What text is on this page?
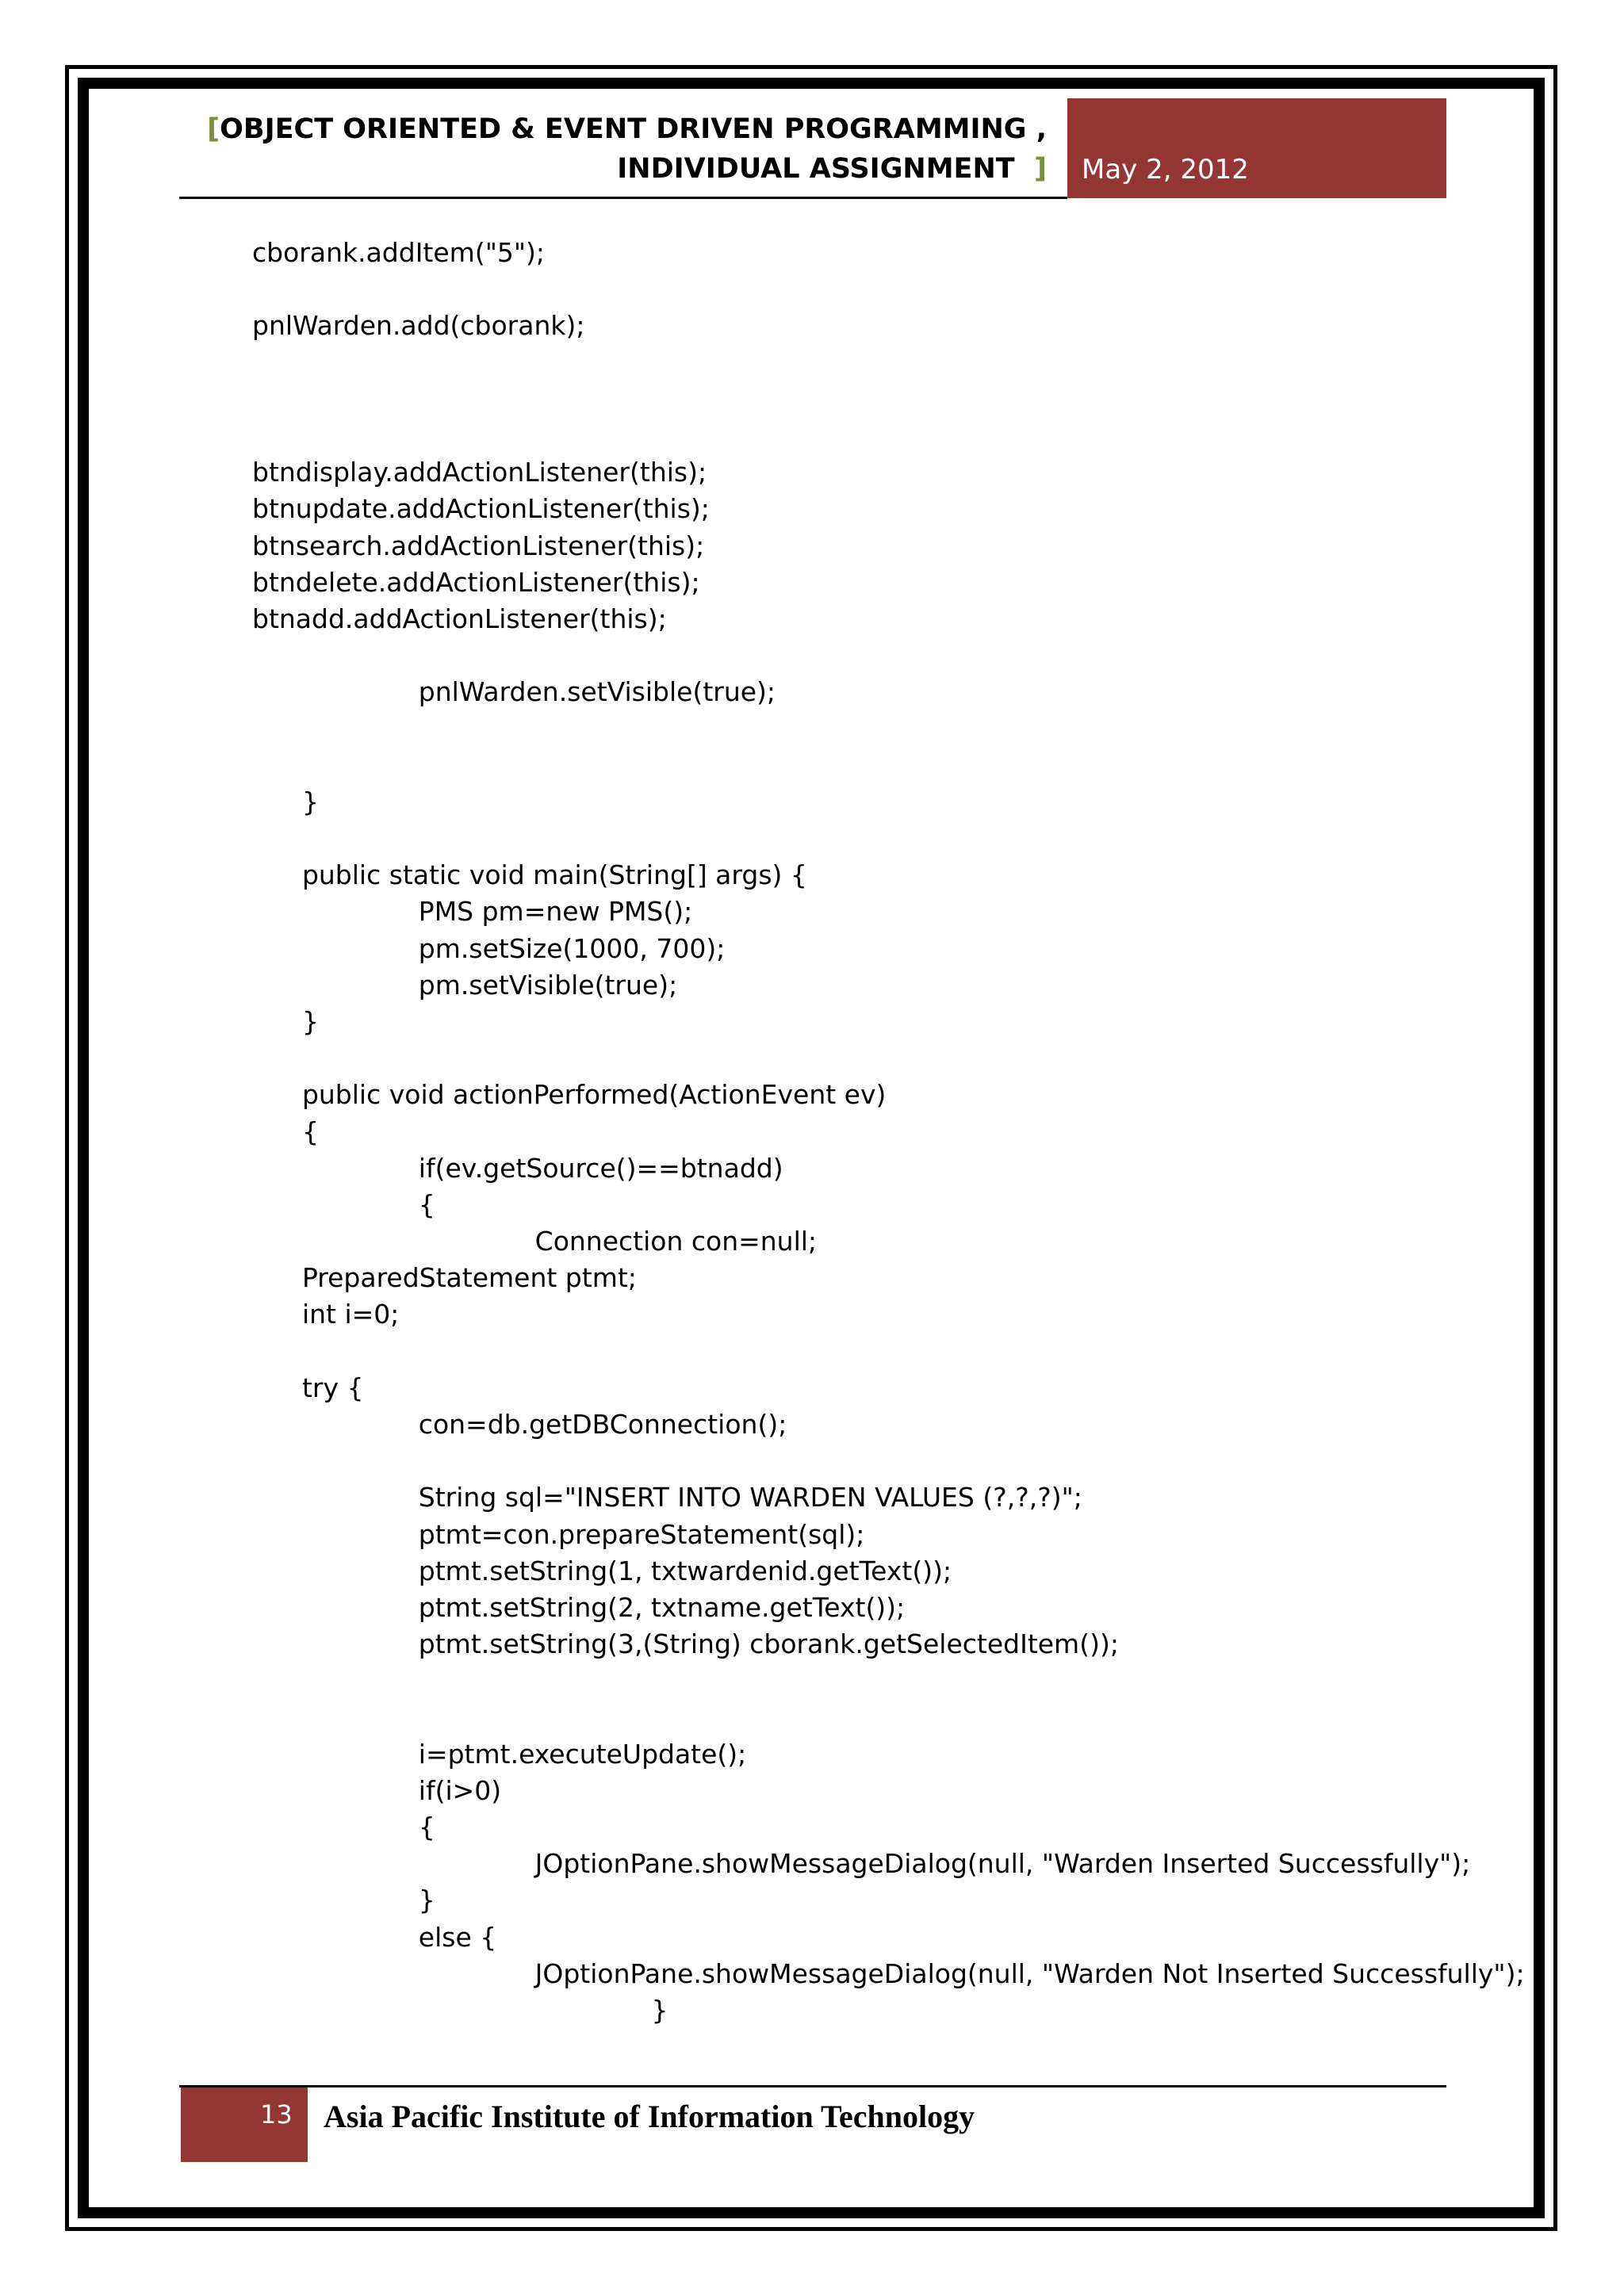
[OBJECT ORIENTED & EVENT DRIVEN PROGRAMMING ,
INDIVIDUAL ASSIGNMENT ]	May 2, 2012
cborank.addItem("5");
pnlWarden.add(cborank);
btndisplay.addActionListener(this);
btnupdate.addActionListener(this);
btnsearch.addActionListener(this);
btndelete.addActionListener(this);
btnadd.addActionListener(this);
pnlWarden.setVisible(true);
}
public static void main(String[] args) {
PMS pm=new PMS();
pm.setSize(1000, 700);
pm.setVisible(true);
}
public void actionPerformed(ActionEvent ev)
{
if(ev.getSource()==btnadd)
{
Connection con=null;
PreparedStatement ptmt;
int i=0;
try {
con=db.getDBConnection();
String sql="INSERT INTO WARDEN VALUES (?,?,?)";
ptmt=con.prepareStatement(sql);
ptmt.setString(1, txtwardenid.getText());
ptmt.setString(2, txtname.getText());
ptmt.setString(3,(String) cborank.getSelectedItem());
i=ptmt.executeUpdate();
if(i>0)
{
JOptionPane.showMessageDialog(null, "Warden Inserted Successfully");
}
else {
JOptionPane.showMessageDialog(null, "Warden Not Inserted Successfully");
}
13 Asia Pacific Institute of Information Technology
